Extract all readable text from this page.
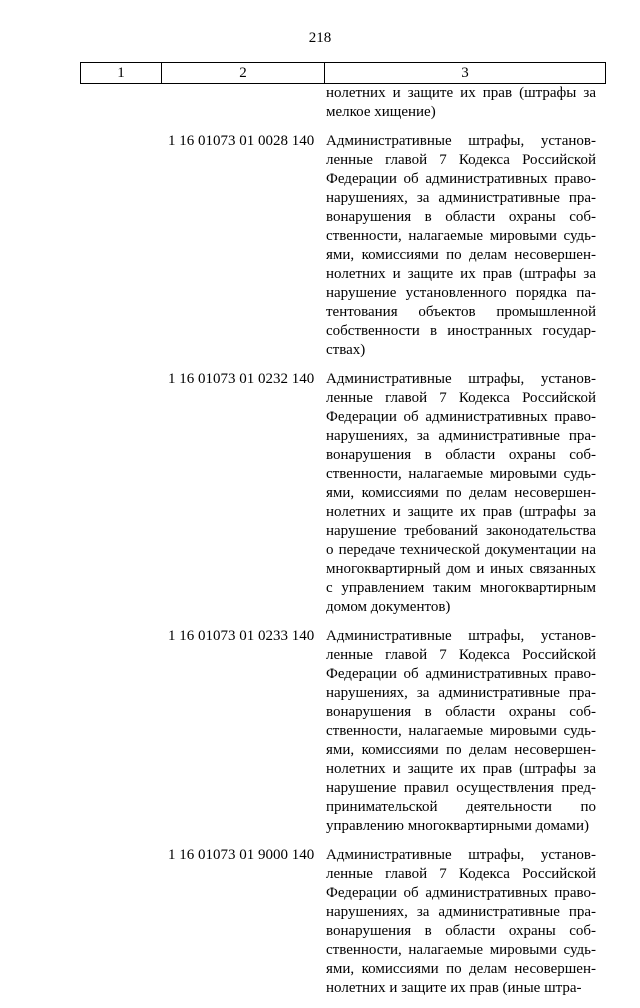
218
1	2	3
нолетних и защите их прав (штрафы за
мелкое хищение)
1 16 01073 01 0028 140 Административные штрафы, установ-
ленные главой 7 Кодекса Российской
Федерации об административных право-
нарушениях, за административные пра-
вонарушения в области охраны соб-
ственности, налагаемые мировыми судь-
ями, комиссиями по делам несовершен-
нолетних и защите их прав (штрафы за
нарушение установленного порядка па-
тентования объектов промышленной
собственности в иностранных государ-
ствах)
1 16 01073 01 0232 140 Административные штрафы, установ-
ленные главой 7 Кодекса Российской
Федерации об административных право-
нарушениях, за административные пра-
вонарушения в области охраны соб-
ственности, налагаемые мировыми судь-
ями, комиссиями по делам несовершен-
нолетних и защите их прав (штрафы за
нарушение требований законодательства
о передаче технической документации на
многоквартирный дом и иных связанных
с управлением таким многоквартирным
домом документов)
1 16 01073 01 0233 140 Административные штрафы, установ-
ленные главой 7 Кодекса Российской
Федерации об административных право-
нарушениях, за административные пра-
вонарушения в области охраны соб-
ственности, налагаемые мировыми судь-
ями, комиссиями по делам несовершен-
нолетних и защите их прав (штрафы за
нарушение правил осуществления пред-
принимательской деятельности по
управлению многоквартирными домами)
1 16 01073 01 9000 140 Административные штрафы, установ-
ленные главой 7 Кодекса Российской
Федерации об административных право-
нарушениях, за административные пра-
вонарушения в области охраны соб-
ственности, налагаемые мировыми судь-
ями, комиссиями по делам несовершен-
нолетних и защите их прав (иные штра-
